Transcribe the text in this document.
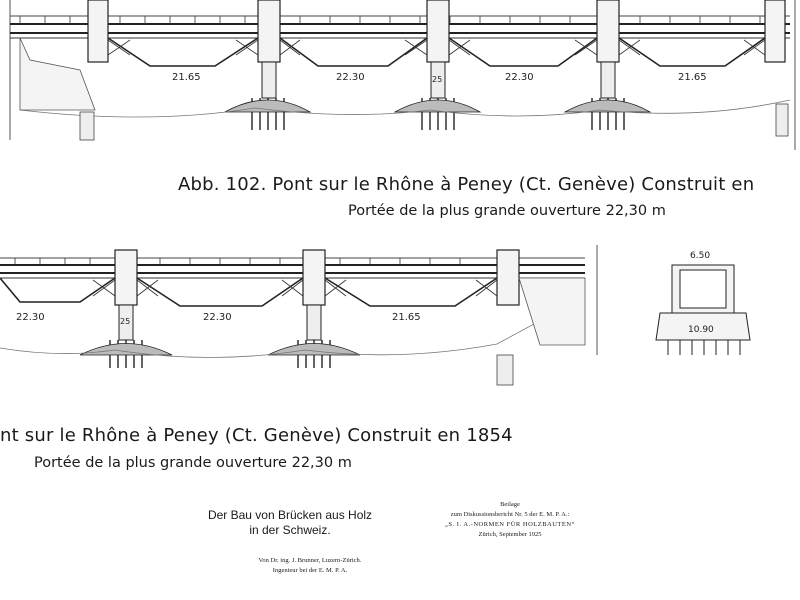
21.65	22.30	22.30	21.65
25
Abb. 102. Pont sur le Rhône à Peney (Ct. Genève) Construit en
Portée de la plus grande ouverture 22,30 m
6.50
10.90
22.30	22.30	21.65
25
nt sur le Rhône à Peney (Ct. Genève) Construit en 1854
Portée de la plus grande ouverture 22,30 m
Der Bau von Brücken aus Holz
in der Schweiz.
Von Dr. ing. J. Brunner, Luzern-Zürich.
Ingenieur bei der E. M. P. A.
Beilage
zum Diskussionsbericht Nr. 5 der E. M. P. A.:
„S. I. A.-NORMEN FÜR HOLZBAUTEN“
Zürich, September 1925
